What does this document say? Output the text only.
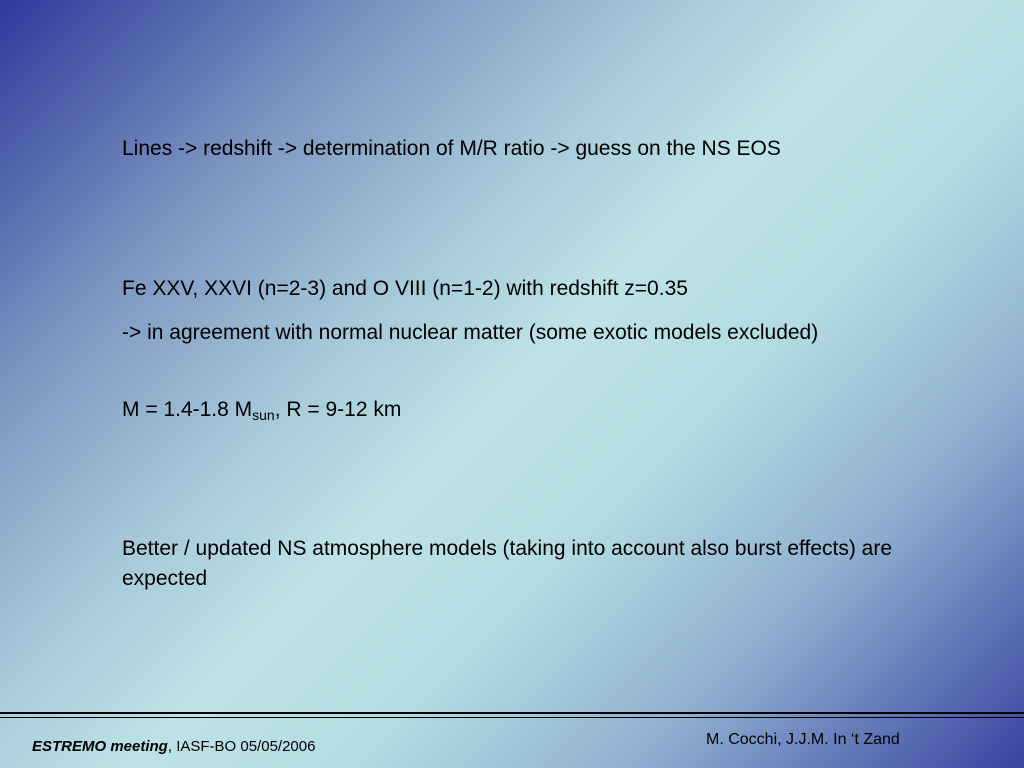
Lines -> redshift -> determination of M/R ratio -> guess on the NS EOS

Fe XXV, XXVI (n=2-3) and O VIII (n=1-2) with redshift z=0.35

-> in agreement with normal nuclear matter (some exotic models excluded)

M = 1.4-1.8 $M_{sun}$, R = 9-12 km

Better / updated NS atmosphere models (taking into account also burst effects) are expected

ESTREMO meeting, IASF-BO 05/05/2006	M. Cocchi, J.J.M. In ‘t Zand
